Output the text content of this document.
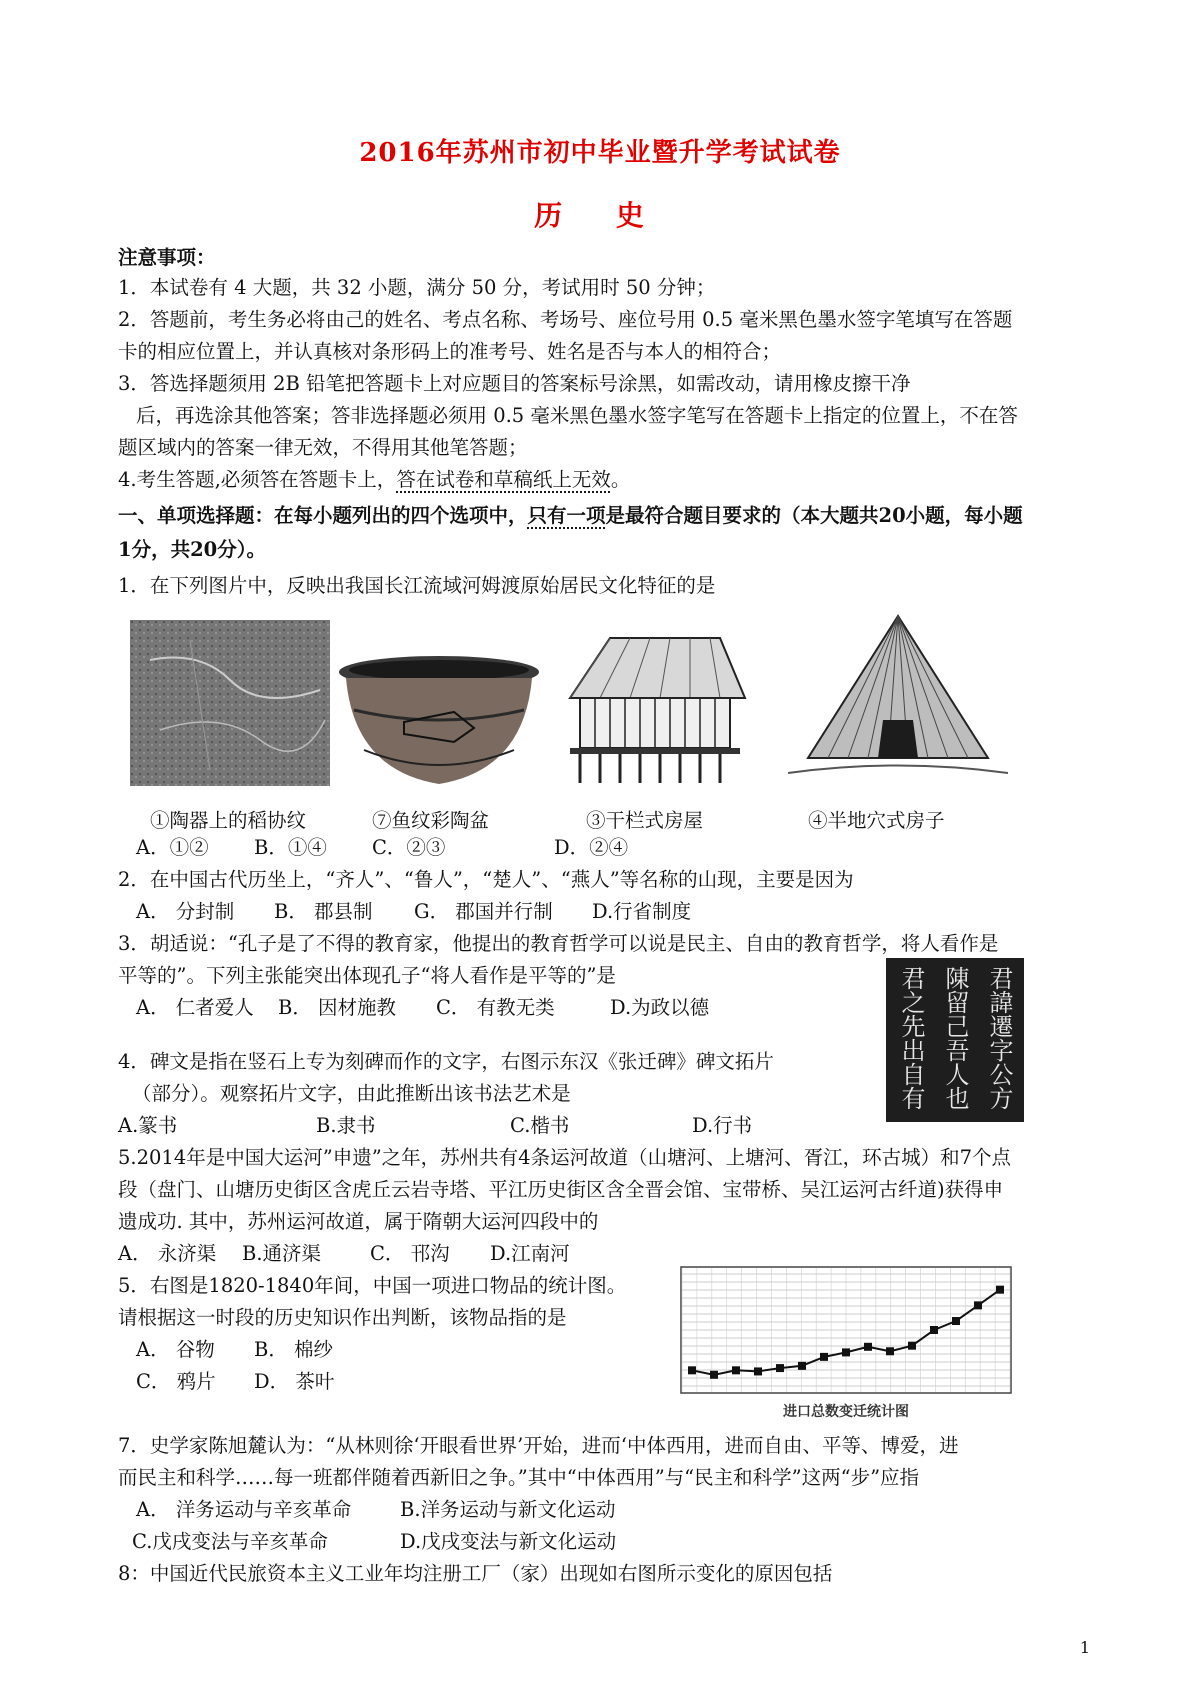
2016年苏州市初中毕业暨升学考试试卷
历 史
注意事项：
1．本试卷有 4 大题，共 32 小题，满分 50 分，考试用时 50 分钟；
2．答题前，考生务必将由己的姓名、考点名称、考场号、座位号用 0.5 毫米黑色墨水签字笔填写在答题
卡的相应位置上，并认真核对条形码上的准考号、姓名是否与本人的相符合；
3．答选择题须用 2B 铅笔把答题卡上对应题目的答案标号涂黑，如需改动，请用橡皮擦干净
后，再选涂其他答案；答非选择题必须用 0.5 毫米黑色墨水签字笔写在答题卡上指定的位置上，不在答
题区域内的答案一律无效，不得用其他笔答题；
4.考生答题,必须答在答题卡上，答在试卷和草稿纸上无效。
一、单项选择题：在每小题列出的四个选项中，只有一项是最符合题目要求的（本大题共20小题，每小题
1分，共20分）。
1．在下列图片中，反映出我国长江流域河姆渡原始居民文化特征的是
①陶器上的稻协纹	⑦鱼纹彩陶盆	③干栏式房屋	④半地穴式房子
A．①② B．①④ C．②③	D．②④
2．在中国古代历坐上，“齐人”、“鲁人”，“楚人”、“燕人”等名称的山现，主要是因为
A． 分封制 B． 郡县制 G． 郡国并行制 D.行省制度
3．胡适说：“孔子是了不得的教育家，他提出的教育哲学可以说是民主、自由的教育哲学，将人看作是
平等的”。下列主张能突出体现孔子“将人看作是平等的”是
A． 仁者爱人 B． 因材施教 C． 有教无类	D.为政以德	君諱遷字公方
陳留己吾人也
君之先出自有
4．碑文是指在竖石上专为刻碑而作的文字，右图示东汉《张迁碑》碑文拓片
（部分）。观察拓片文字，由此推断出该书法艺术是
A.篆书	B.隶书	C.楷书	D.行书
5.2014年是中国大运河”申遗”之年，苏州共有4条运河故道（山塘河、上塘河、胥江，环古城）和7个点
段（盘门、山塘历史街区含虎丘云岩寺塔、平江历史街区含全晋会馆、宝带桥、吴江运河古纤道)获得申
遗成功. 其中，苏州运河故道，属于隋朝大运河四段中的
A． 永济渠 B.通济渠	C． 邗沟 D.江南河
5．右图是1820-1840年间，中国一项进口物品的统计图。
请根据这一时段的历史知识作出判断，该物品指的是
A． 谷物 B． 棉纱
C． 鸦片 D． 茶叶
进口总数变迁统计图
7．史学家陈旭麓认为：“从林则徐‘开眼看世界’开始，进而‘中体西用，进而自由、平等、博爱，进
而民主和科学……每一班都伴随着西新旧之争。”其中“中体西用”与“民主和科学”这两“步”应指
A． 洋务运动与辛亥革命 B.洋务运动与新文化运动
C.戊戌变法与辛亥革命	D.戊戌变法与新文化运动
8：中国近代民旅资本主义工业年均注册工厂（家）出现如右图所示变化的原因包括
1
